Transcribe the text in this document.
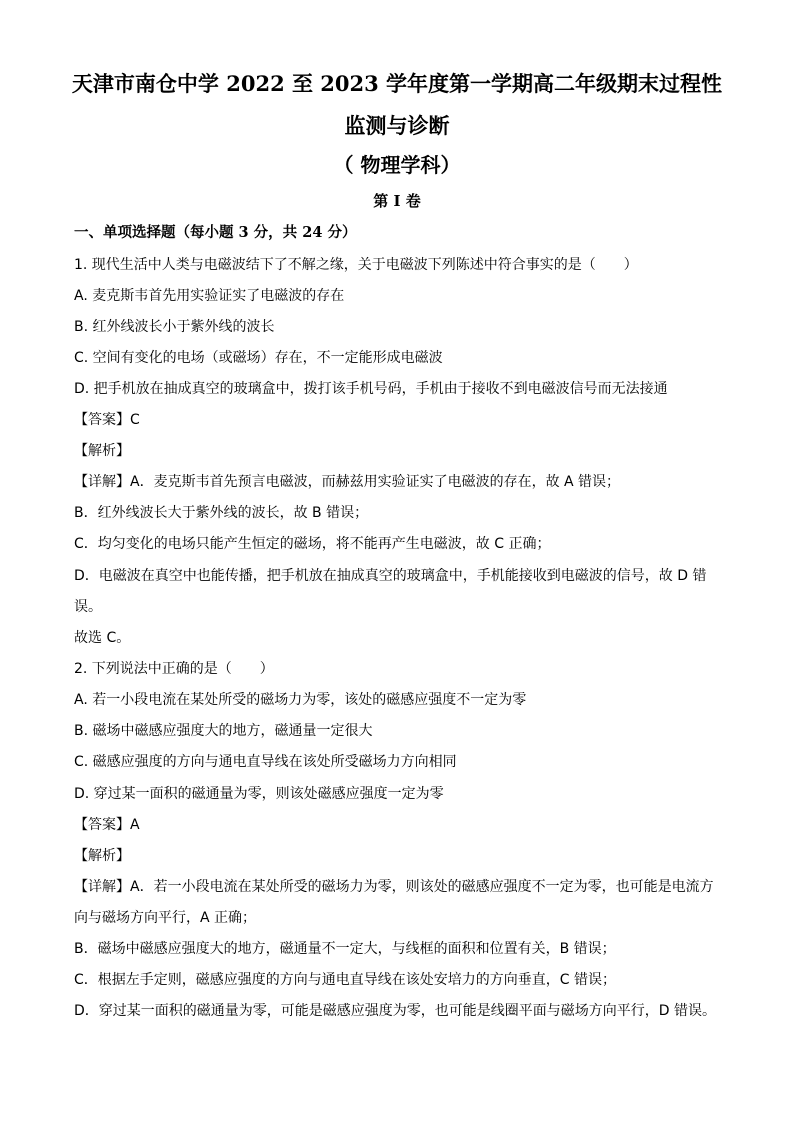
天津市南仓中学 2022 至 2023 学年度第一学期高二年级期末过程性
监测与诊断
（ 物理学科）
第 I 卷
一、单项选择题（每小题 3 分，共 24 分）
1. 现代生活中人类与电磁波结下了不解之缘，关于电磁波下列陈述中符合事实的是（　　）
A. 麦克斯韦首先用实验证实了电磁波的存在
B. 红外线波长小于紫外线的波长
C. 空间有变化的电场（或磁场）存在，不一定能形成电磁波
D. 把手机放在抽成真空的玻璃盒中，拨打该手机号码，手机由于接收不到电磁波信号而无法接通
【答案】C
【解析】
【详解】A．麦克斯韦首先预言电磁波，而赫兹用实验证实了电磁波的存在，故 A 错误；
B．红外线波长大于紫外线的波长，故 B 错误；
C．均匀变化的电场只能产生恒定的磁场，将不能再产生电磁波，故 C 正确；
D．电磁波在真空中也能传播，把手机放在抽成真空的玻璃盒中，手机能接收到电磁波的信号，故 D 错
误。
故选 C。
2. 下列说法中正确的是（　　）
A. 若一小段电流在某处所受的磁场力为零，该处的磁感应强度不一定为零
B. 磁场中磁感应强度大的地方，磁通量一定很大
C. 磁感应强度的方向与通电直导线在该处所受磁场力方向相同
D. 穿过某一面积的磁通量为零，则该处磁感应强度一定为零
【答案】A
【解析】
【详解】A．若一小段电流在某处所受的磁场力为零，则该处的磁感应强度不一定为零，也可能是电流方
向与磁场方向平行，A 正确；
B．磁场中磁感应强度大的地方，磁通量不一定大，与线框的面积和位置有关，B 错误；
C．根据左手定则，磁感应强度的方向与通电直导线在该处安培力的方向垂直，C 错误；
D．穿过某一面积的磁通量为零，可能是磁感应强度为零，也可能是线圈平面与磁场方向平行，D 错误。
